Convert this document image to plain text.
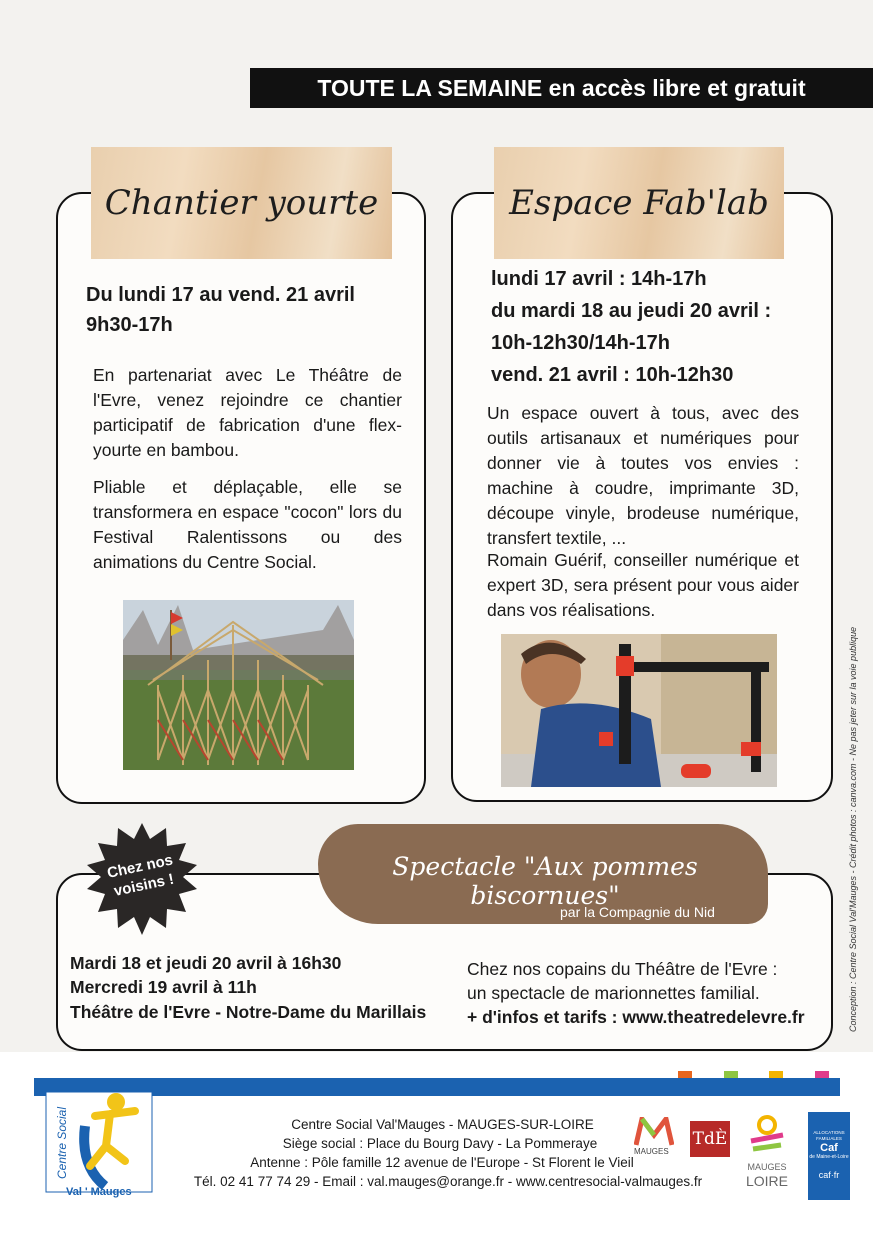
TOUTE LA SEMAINE en accès libre et gratuit
Chantier yourte
Du lundi 17 au vend. 21 avril
9h30-17h
En partenariat avec Le Théâtre de l'Evre, venez rejoindre ce chantier participatif de fabrication d'une flex-yourte en bambou.
Pliable et déplaçable, elle se transformera en espace "cocon" lors du Festival Ralentissons ou des animations du Centre Social.
Espace Fab'lab
lundi 17 avril : 14h-17h
du mardi 18 au jeudi 20 avril :
10h-12h30/14h-17h
vend. 21 avril : 10h-12h30
Un espace ouvert à tous, avec des outils artisanaux et numériques pour donner vie à toutes vos envies : machine à coudre, imprimante 3D, découpe vinyle, brodeuse numérique, transfert textile, ...
Romain Guérif, conseiller numérique et expert 3D, sera présent pour vous aider dans vos réalisations.
Spectacle "Aux pommes biscornues"
par la Compagnie du Nid
Chez nos voisins !
Mardi 18 et jeudi 20 avril à 16h30
Mercredi 19 avril à 11h
Théâtre de l'Evre - Notre-Dame du Marillais
Chez nos copains du Théâtre de l'Evre :
un spectacle de marionnettes familial.
+ d'infos et tarifs : www.theatredelevre.fr	Conception : Centre Social Val'Mauges - Crédit photos : canva.com - Ne pas jeter sur la voie publique
Centre Social
Val ' Mauges
Centre Social Val'Mauges - MAUGES-SUR-LOIRE
Siège social : Place du Bourg Davy - La Pommeraye
Antenne : Pôle famille 12 avenue de l'Europe - St Florent le Vieil
Tél. 02 41 77 74 29 - Email : val.mauges@orange.fr - www.centresocial-valmauges.fr
MAUGES
TdÈ
MAUGES
LOIRE
ALLOCATIONS FAMILIALES
Caf
de Maine-et-Loire
caf·fr
